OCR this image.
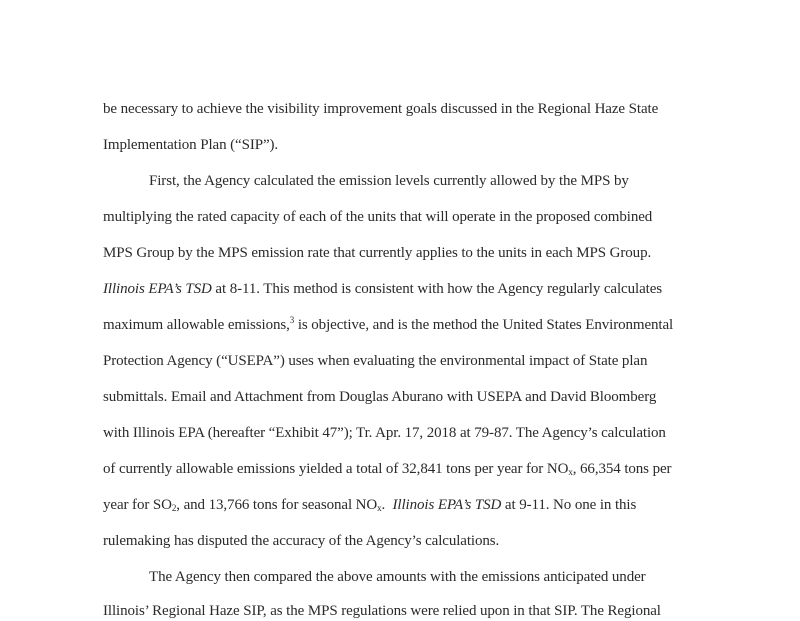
be necessary to achieve the visibility improvement goals discussed in the Regional Haze State
Implementation Plan (“SIP”).
First, the Agency calculated the emission levels currently allowed by the MPS by
multiplying the rated capacity of each of the units that will operate in the proposed combined
MPS Group by the MPS emission rate that currently applies to the units in each MPS Group.
Illinois EPA’s TSD at 8-11. This method is consistent with how the Agency regularly calculates
maximum allowable emissions,$^3$ is objective, and is the method the United States Environmental
Protection Agency (“USEPA”) uses when evaluating the environmental impact of State plan
submittals. Email and Attachment from Douglas Aburano with USEPA and David Bloomberg
with Illinois EPA (hereafter “Exhibit 47”); Tr. Apr. 17, 2018 at 79-87. The Agency’s calculation
of currently allowable emissions yielded a total of 32,841 tons per year for $NO_x$, 66,354 tons per
year for $SO_2$, and 13,766 tons for seasonal $NO_x$.  Illinois EPA’s TSD at 9-11. No one in this
rulemaking has disputed the accuracy of the Agency’s calculations.
The Agency then compared the above amounts with the emissions anticipated under
Illinois’ Regional Haze SIP, as the MPS regulations were relied upon in that SIP. The Regional
